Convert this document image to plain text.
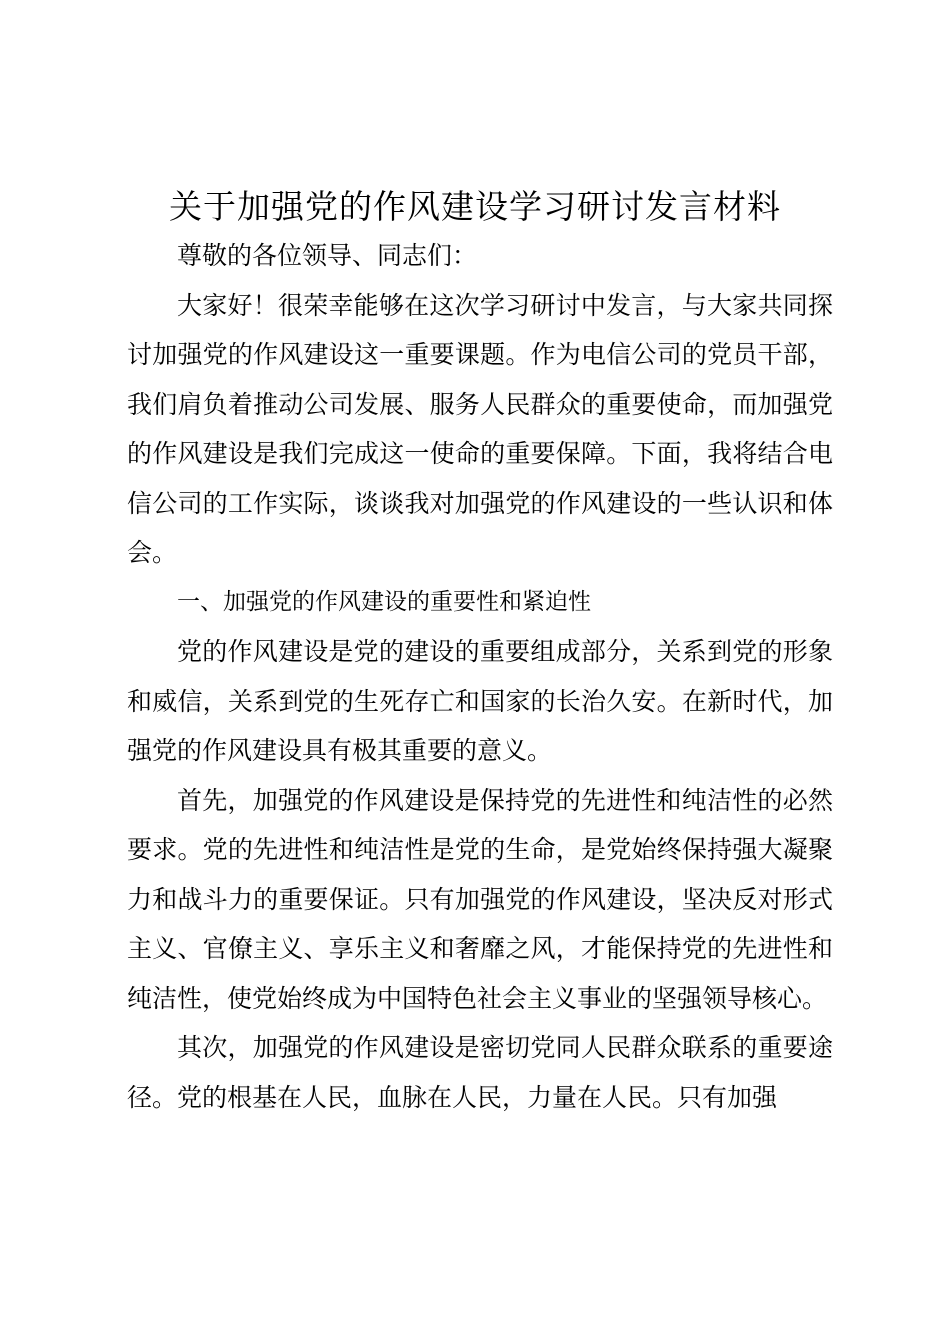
关于加强党的作风建设学习研讨发言材料

尊敬的各位领导、同志们：

大家好！很荣幸能够在这次学习研讨中发言，与大家共同探讨加强党的作风建设这一重要课题。作为电信公司的党员干部，我们肩负着推动公司发展、服务人民群众的重要使命，而加强党的作风建设是我们完成这一使命的重要保障。下面，我将结合电信公司的工作实际，谈谈我对加强党的作风建设的一些认识和体会。

一、加强党的作风建设的重要性和紧迫性

党的作风建设是党的建设的重要组成部分，关系到党的形象和威信，关系到党的生死存亡和国家的长治久安。在新时代，加强党的作风建设具有极其重要的意义。

首先，加强党的作风建设是保持党的先进性和纯洁性的必然要求。党的先进性和纯洁性是党的生命，是党始终保持强大凝聚力和战斗力的重要保证。只有加强党的作风建设，坚决反对形式主义、官僚主义、享乐主义和奢靡之风，才能保持党的先进性和纯洁性，使党始终成为中国特色社会主义事业的坚强领导核心。

其次，加强党的作风建设是密切党同人民群众联系的重要途径。党的根基在人民，血脉在人民，力量在人民。只有加强
